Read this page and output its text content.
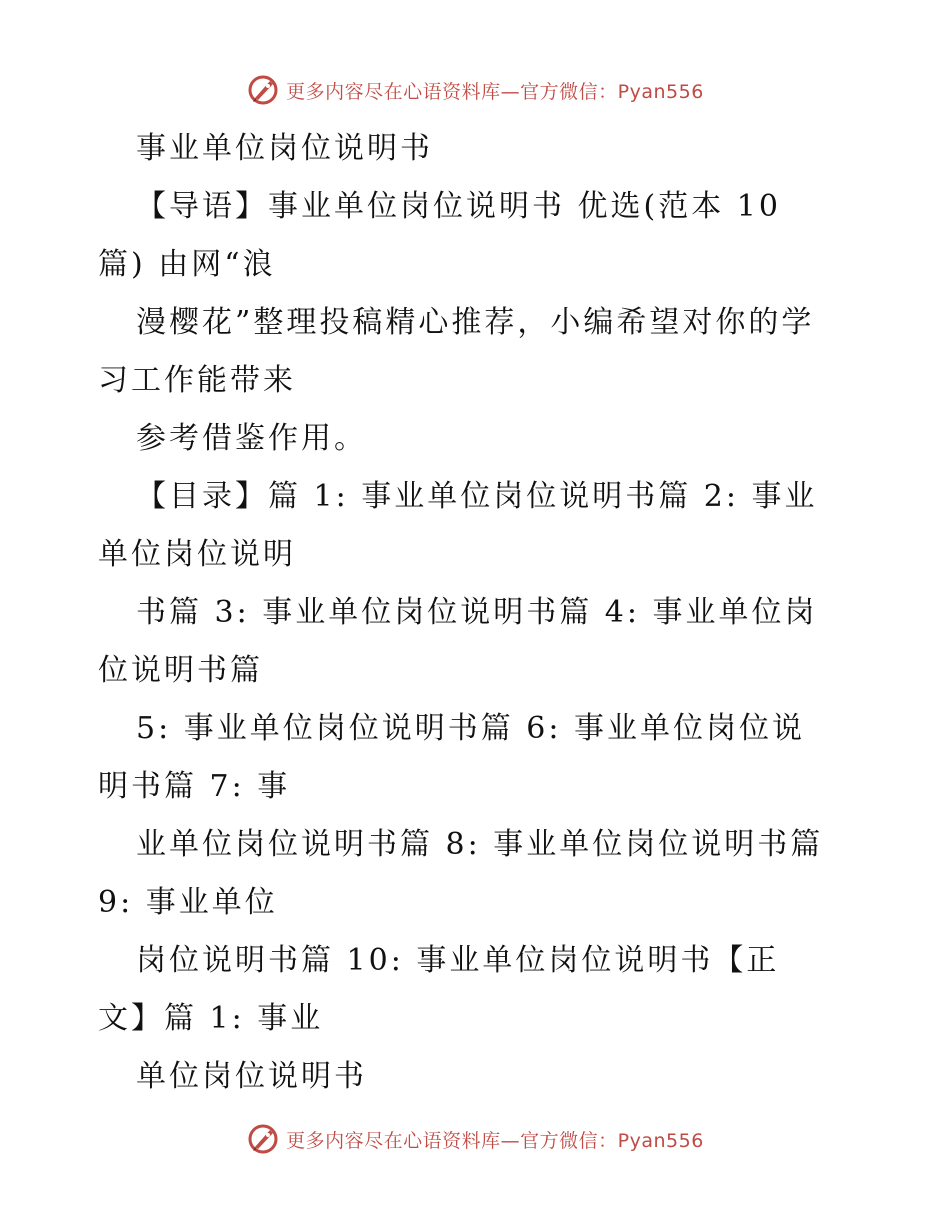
更多内容尽在心语资料库—官方微信：Pyan556
事业单位岗位说明书
【导语】事业单位岗位说明书 优选(范本 10
篇) 由网“浪
漫樱花”整理投稿精心推荐，小编希望对你的学
习工作能带来
参考借鉴作用。
【目录】篇 1: 事业单位岗位说明书篇 2: 事业
单位岗位说明
书篇 3: 事业单位岗位说明书篇 4: 事业单位岗
位说明书篇
5: 事业单位岗位说明书篇 6: 事业单位岗位说
明书篇 7: 事
业单位岗位说明书篇 8: 事业单位岗位说明书篇
9: 事业单位
岗位说明书篇 10: 事业单位岗位说明书【正
文】篇 1: 事业
单位岗位说明书
更多内容尽在心语资料库—官方微信：Pyan556
